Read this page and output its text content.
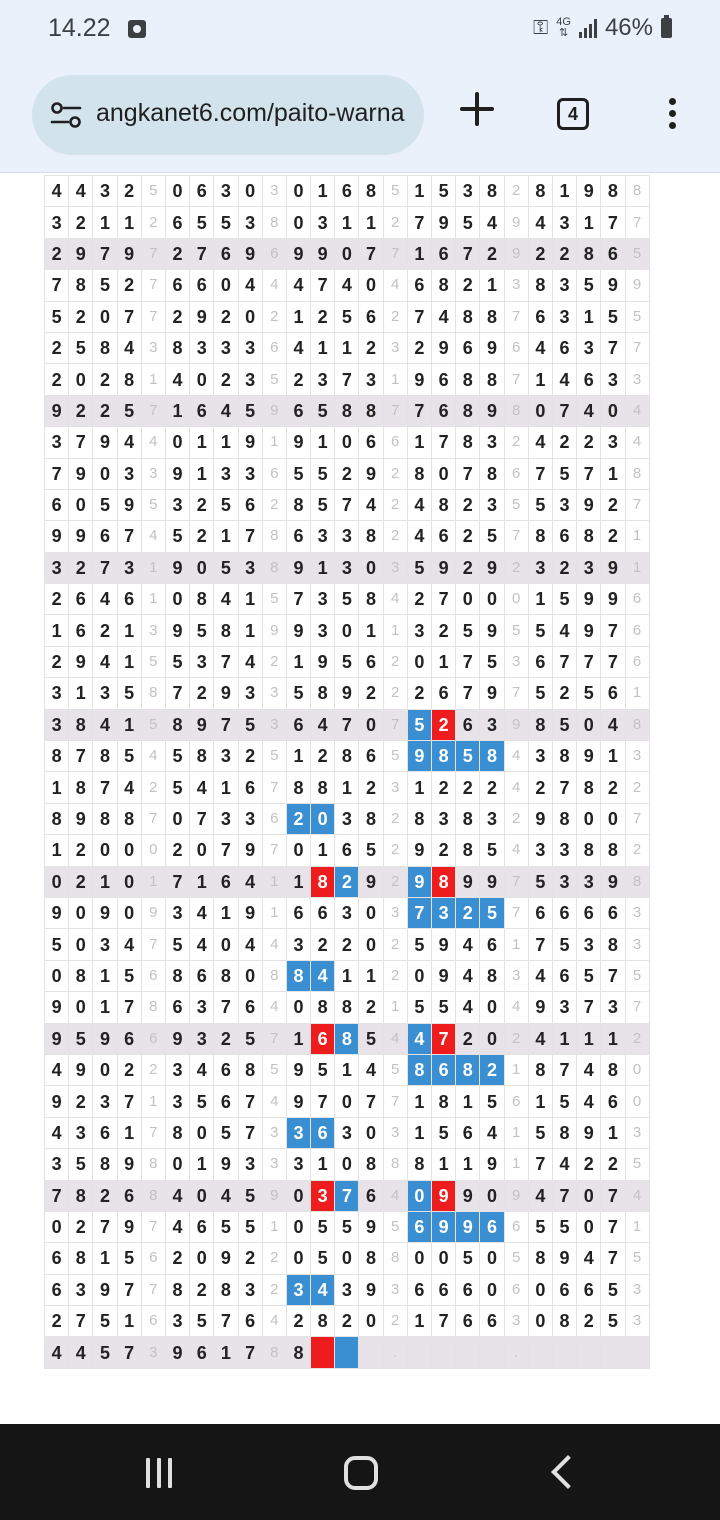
14.22	⚿ 4G
⇅ 46%
angkanet6.com/paito-warna	4
4	4	3	2	5	0	6	3	0	3	0	1	6	8	5	1	5	3	8	2	8	1	9	8	8
3	2	1	1	2	6	5	5	3	8	0	3	1	1	2	7	9	5	4	9	4	3	1	7	7
2	9	7	9	7	2	7	6	9	6	9	9	0	7	7	1	6	7	2	9	2	2	8	6	5
7	8	5	2	7	6	6	0	4	4	4	7	4	0	4	6	8	2	1	3	8	3	5	9	9
5	2	0	7	7	2	9	2	0	2	1	2	5	6	2	7	4	8	8	7	6	3	1	5	5
2	5	8	4	3	8	3	3	3	6	4	1	1	2	3	2	9	6	9	6	4	6	3	7	7
2	0	2	8	1	4	0	2	3	5	2	3	7	3	1	9	6	8	8	7	1	4	6	3	3
9	2	2	5	7	1	6	4	5	9	6	5	8	8	7	7	6	8	9	8	0	7	4	0	4
3	7	9	4	4	0	1	1	9	1	9	1	0	6	6	1	7	8	3	2	4	2	2	3	4
7	9	0	3	3	9	1	3	3	6	5	5	2	9	2	8	0	7	8	6	7	5	7	1	8
6	0	5	9	5	3	2	5	6	2	8	5	7	4	2	4	8	2	3	5	5	3	9	2	7
9	9	6	7	4	5	2	1	7	8	6	3	3	8	2	4	6	2	5	7	8	6	8	2	1
3	2	7	3	1	9	0	5	3	8	9	1	3	0	3	5	9	2	9	2	3	2	3	9	1
2	6	4	6	1	0	8	4	1	5	7	3	5	8	4	2	7	0	0	0	1	5	9	9	6
1	6	2	1	3	9	5	8	1	9	9	3	0	1	1	3	2	5	9	5	5	4	9	7	6
2	9	4	1	5	5	3	7	4	2	1	9	5	6	2	0	1	7	5	3	6	7	7	7	6
3	1	3	5	8	7	2	9	3	3	5	8	9	2	2	2	6	7	9	7	5	2	5	6	1
3	8	4	1	5	8	9	7	5	3	6	4	7	0	7	5	2	6	3	9	8	5	0	4	8
8	7	8	5	4	5	8	3	2	5	1	2	8	6	5	9	8	5	8	4	3	8	9	1	3
1	8	7	4	2	5	4	1	6	7	8	8	1	2	3	1	2	2	2	4	2	7	8	2	2
8	9	8	8	7	0	7	3	3	6	2	0	3	8	2	8	3	8	3	2	9	8	0	0	7
1	2	0	0	0	2	0	7	9	7	0	1	6	5	2	9	2	8	5	4	3	3	8	8	2
0	2	1	0	1	7	1	6	4	1	1	8	2	9	2	9	8	9	9	7	5	3	3	9	8
9	0	9	0	9	3	4	1	9	1	6	6	3	0	3	7	3	2	5	7	6	6	6	6	3
5	0	3	4	7	5	4	0	4	4	3	2	2	0	2	5	9	4	6	1	7	5	3	8	3
0	8	1	5	6	8	6	8	0	8	8	4	1	1	2	0	9	4	8	3	4	6	5	7	5
9	0	1	7	8	6	3	7	6	4	0	8	8	2	1	5	5	4	0	4	9	3	7	3	7
9	5	9	6	6	9	3	2	5	7	1	6	8	5	4	4	7	2	0	2	4	1	1	1	2
4	9	0	2	2	3	4	6	8	5	9	5	1	4	5	8	6	8	2	1	8	7	4	8	0
9	2	3	7	1	3	5	6	7	4	9	7	0	7	7	1	8	1	5	6	1	5	4	6	0
4	3	6	1	7	8	0	5	7	3	3	6	3	0	3	1	5	6	4	1	5	8	9	1	3
3	5	8	9	8	0	1	9	3	3	3	1	0	8	8	8	1	1	9	1	7	4	2	2	5
7	8	2	6	8	4	0	4	5	9	0	3	7	6	4	0	9	9	0	9	4	7	0	7	4
0	2	7	9	7	4	6	5	5	1	0	5	5	9	5	6	9	9	6	6	5	5	0	7	1
6	8	1	5	6	2	0	9	2	2	0	5	0	8	8	0	0	5	0	5	8	9	4	7	5
6	3	9	7	7	8	2	8	3	2	3	4	3	9	3	6	6	6	0	6	0	6	6	5	3
2	7	5	1	6	3	5	7	6	4	2	8	2	0	2	1	7	6	6	3	0	8	2	5	3
4	4	5	7	3	9	6	1	7	8	8				.					.					
